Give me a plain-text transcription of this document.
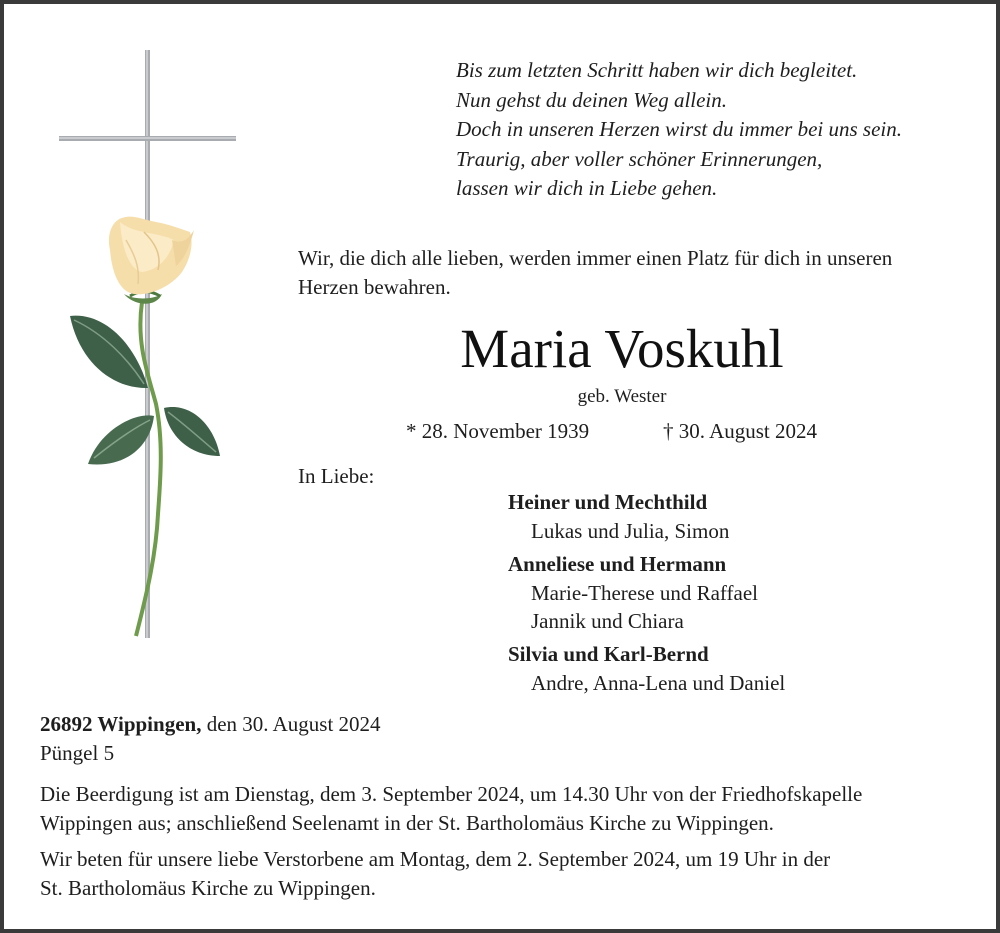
Bis zum letzten Schritt haben wir dich begleitet.
Nun gehst du deinen Weg allein.
Doch in unseren Herzen wirst du immer bei uns sein.
Traurig, aber voller schöner Erinnerungen,
lassen wir dich in Liebe gehen.
Wir, die dich alle lieben, werden immer einen Platz für dich in unseren
Herzen bewahren.
Maria Voskuhl
geb. Wester
* 28. November 1939	† 30. August 2024
In Liebe:
Heiner und Mechthild
Lukas und Julia, Simon
Anneliese und Hermann
Marie-Therese und Raffael
Jannik und Chiara
Silvia und Karl-Bernd
Andre, Anna-Lena und Daniel
26892 Wippingen, den 30. August 2024
Püngel 5
Die Beerdigung ist am Dienstag, dem 3. September 2024, um 14.30 Uhr von der Friedhofskapelle
Wippingen aus; anschließend Seelenamt in der St. Bartholomäus Kirche zu Wippingen.
Wir beten für unsere liebe Verstorbene am Montag, dem 2. September 2024, um 19 Uhr in der
St. Bartholomäus Kirche zu Wippingen.
